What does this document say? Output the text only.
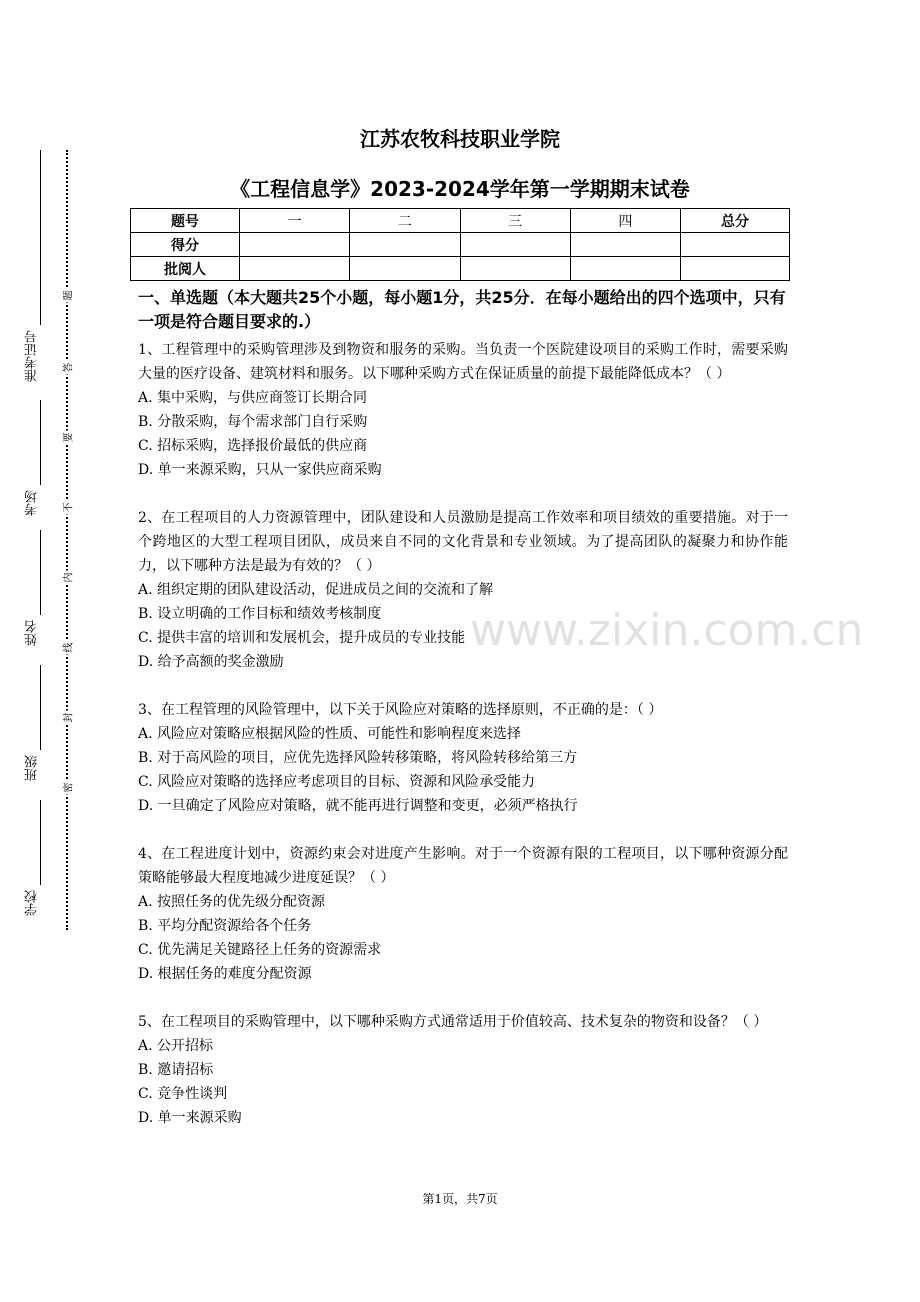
准考证号
考场
姓名
班级
学校
题
答
要
不
内
线
封
密
江苏农牧科技职业学院
《工程信息学》2023-2024学年第一学期期末试卷
题号	一	二	三	四	总分
得分					
批阅人					
一、单选题（本大题共25个小题，每小题1分，共25分．在每小题给出的四个选项中，只有一项是符合题目要求的.）
1、工程管理中的采购管理涉及到物资和服务的采购。当负责一个医院建设项目的采购工作时，需要采购大量的医疗设备、建筑材料和服务。以下哪种采购方式在保证质量的前提下最能降低成本？（ ）
A. 集中采购，与供应商签订长期合同
B. 分散采购，每个需求部门自行采购
C. 招标采购，选择报价最低的供应商
D. 单一来源采购，只从一家供应商采购
2、在工程项目的人力资源管理中，团队建设和人员激励是提高工作效率和项目绩效的重要措施。对于一个跨地区的大型工程项目团队，成员来自不同的文化背景和专业领域。为了提高团队的凝聚力和协作能力，以下哪种方法是最为有效的？（ ）
A. 组织定期的团队建设活动，促进成员之间的交流和了解
B. 设立明确的工作目标和绩效考核制度
C. 提供丰富的培训和发展机会，提升成员的专业技能
D. 给予高额的奖金激励
3、在工程管理的风险管理中，以下关于风险应对策略的选择原则，不正确的是：（ ）
A. 风险应对策略应根据风险的性质、可能性和影响程度来选择
B. 对于高风险的项目，应优先选择风险转移策略，将风险转移给第三方
C. 风险应对策略的选择应考虑项目的目标、资源和风险承受能力
D. 一旦确定了风险应对策略，就不能再进行调整和变更，必须严格执行
4、在工程进度计划中，资源约束会对进度产生影响。对于一个资源有限的工程项目，以下哪种资源分配策略能够最大程度地减少进度延误？（ ）
A. 按照任务的优先级分配资源
B. 平均分配资源给各个任务
C. 优先满足关键路径上任务的资源需求
D. 根据任务的难度分配资源
5、在工程项目的采购管理中，以下哪种采购方式通常适用于价值较高、技术复杂的物资和设备？（ ）
A. 公开招标
B. 邀请招标
C. 竞争性谈判
D. 单一来源采购
www.zixin.com.cn
第1页，共7页
